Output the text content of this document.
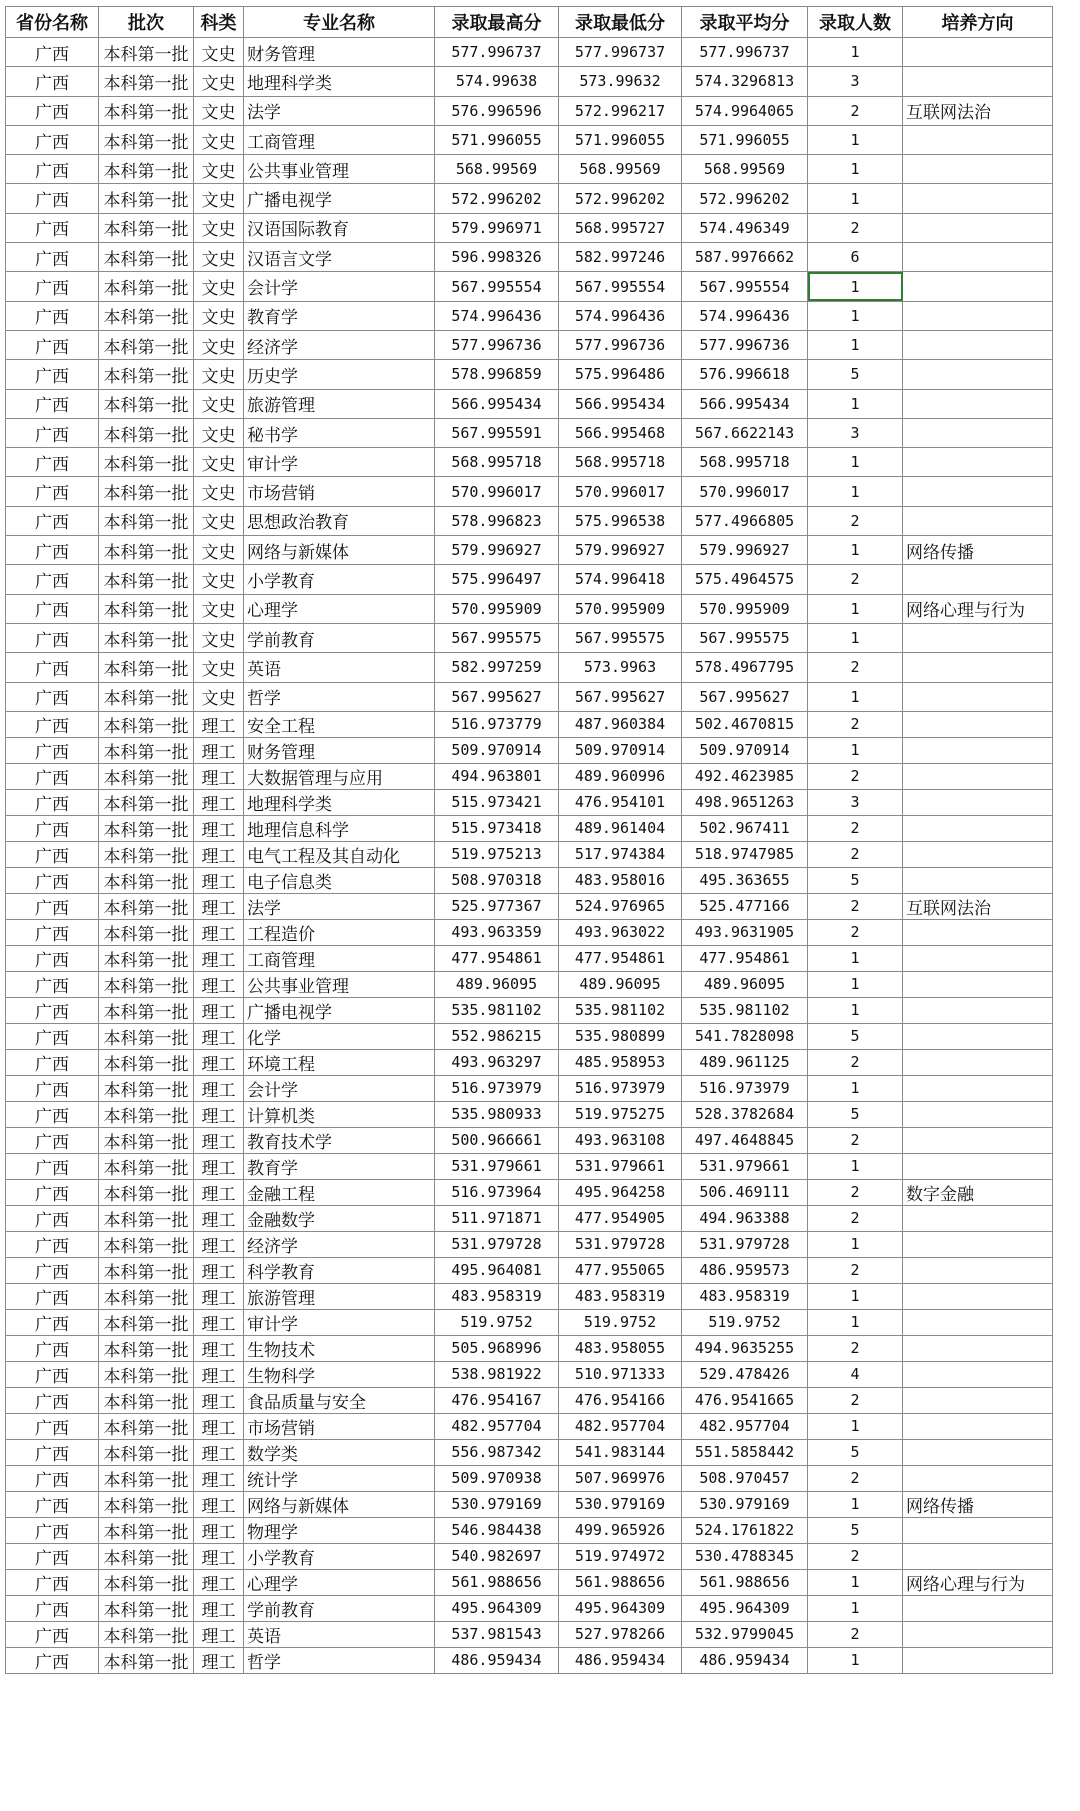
省份名称	批次	科类	专业名称	录取最高分	录取最低分	录取平均分	录取人数	培养方向
广西	本科第一批	文史	财务管理	577.996737	577.996737	577.996737	1	
广西	本科第一批	文史	地理科学类	574.99638	573.99632	574.3296813	3	
广西	本科第一批	文史	法学	576.996596	572.996217	574.9964065	2	互联网法治
广西	本科第一批	文史	工商管理	571.996055	571.996055	571.996055	1	
广西	本科第一批	文史	公共事业管理	568.99569	568.99569	568.99569	1	
广西	本科第一批	文史	广播电视学	572.996202	572.996202	572.996202	1	
广西	本科第一批	文史	汉语国际教育	579.996971	568.995727	574.496349	2	
广西	本科第一批	文史	汉语言文学	596.998326	582.997246	587.9976662	6	
广西	本科第一批	文史	会计学	567.995554	567.995554	567.995554	1	
广西	本科第一批	文史	教育学	574.996436	574.996436	574.996436	1	
广西	本科第一批	文史	经济学	577.996736	577.996736	577.996736	1	
广西	本科第一批	文史	历史学	578.996859	575.996486	576.996618	5	
广西	本科第一批	文史	旅游管理	566.995434	566.995434	566.995434	1	
广西	本科第一批	文史	秘书学	567.995591	566.995468	567.6622143	3	
广西	本科第一批	文史	审计学	568.995718	568.995718	568.995718	1	
广西	本科第一批	文史	市场营销	570.996017	570.996017	570.996017	1	
广西	本科第一批	文史	思想政治教育	578.996823	575.996538	577.4966805	2	
广西	本科第一批	文史	网络与新媒体	579.996927	579.996927	579.996927	1	网络传播
广西	本科第一批	文史	小学教育	575.996497	574.996418	575.4964575	2	
广西	本科第一批	文史	心理学	570.995909	570.995909	570.995909	1	网络心理与行为
广西	本科第一批	文史	学前教育	567.995575	567.995575	567.995575	1	
广西	本科第一批	文史	英语	582.997259	573.9963	578.4967795	2	
广西	本科第一批	文史	哲学	567.995627	567.995627	567.995627	1	
广西	本科第一批	理工	安全工程	516.973779	487.960384	502.4670815	2	
广西	本科第一批	理工	财务管理	509.970914	509.970914	509.970914	1	
广西	本科第一批	理工	大数据管理与应用	494.963801	489.960996	492.4623985	2	
广西	本科第一批	理工	地理科学类	515.973421	476.954101	498.9651263	3	
广西	本科第一批	理工	地理信息科学	515.973418	489.961404	502.967411	2	
广西	本科第一批	理工	电气工程及其自动化	519.975213	517.974384	518.9747985	2	
广西	本科第一批	理工	电子信息类	508.970318	483.958016	495.363655	5	
广西	本科第一批	理工	法学	525.977367	524.976965	525.477166	2	互联网法治
广西	本科第一批	理工	工程造价	493.963359	493.963022	493.9631905	2	
广西	本科第一批	理工	工商管理	477.954861	477.954861	477.954861	1	
广西	本科第一批	理工	公共事业管理	489.96095	489.96095	489.96095	1	
广西	本科第一批	理工	广播电视学	535.981102	535.981102	535.981102	1	
广西	本科第一批	理工	化学	552.986215	535.980899	541.7828098	5	
广西	本科第一批	理工	环境工程	493.963297	485.958953	489.961125	2	
广西	本科第一批	理工	会计学	516.973979	516.973979	516.973979	1	
广西	本科第一批	理工	计算机类	535.980933	519.975275	528.3782684	5	
广西	本科第一批	理工	教育技术学	500.966661	493.963108	497.4648845	2	
广西	本科第一批	理工	教育学	531.979661	531.979661	531.979661	1	
广西	本科第一批	理工	金融工程	516.973964	495.964258	506.469111	2	数字金融
广西	本科第一批	理工	金融数学	511.971871	477.954905	494.963388	2	
广西	本科第一批	理工	经济学	531.979728	531.979728	531.979728	1	
广西	本科第一批	理工	科学教育	495.964081	477.955065	486.959573	2	
广西	本科第一批	理工	旅游管理	483.958319	483.958319	483.958319	1	
广西	本科第一批	理工	审计学	519.9752	519.9752	519.9752	1	
广西	本科第一批	理工	生物技术	505.968996	483.958055	494.9635255	2	
广西	本科第一批	理工	生物科学	538.981922	510.971333	529.478426	4	
广西	本科第一批	理工	食品质量与安全	476.954167	476.954166	476.9541665	2	
广西	本科第一批	理工	市场营销	482.957704	482.957704	482.957704	1	
广西	本科第一批	理工	数学类	556.987342	541.983144	551.5858442	5	
广西	本科第一批	理工	统计学	509.970938	507.969976	508.970457	2	
广西	本科第一批	理工	网络与新媒体	530.979169	530.979169	530.979169	1	网络传播
广西	本科第一批	理工	物理学	546.984438	499.965926	524.1761822	5	
广西	本科第一批	理工	小学教育	540.982697	519.974972	530.4788345	2	
广西	本科第一批	理工	心理学	561.988656	561.988656	561.988656	1	网络心理与行为
广西	本科第一批	理工	学前教育	495.964309	495.964309	495.964309	1	
广西	本科第一批	理工	英语	537.981543	527.978266	532.9799045	2	
广西	本科第一批	理工	哲学	486.959434	486.959434	486.959434	1	
